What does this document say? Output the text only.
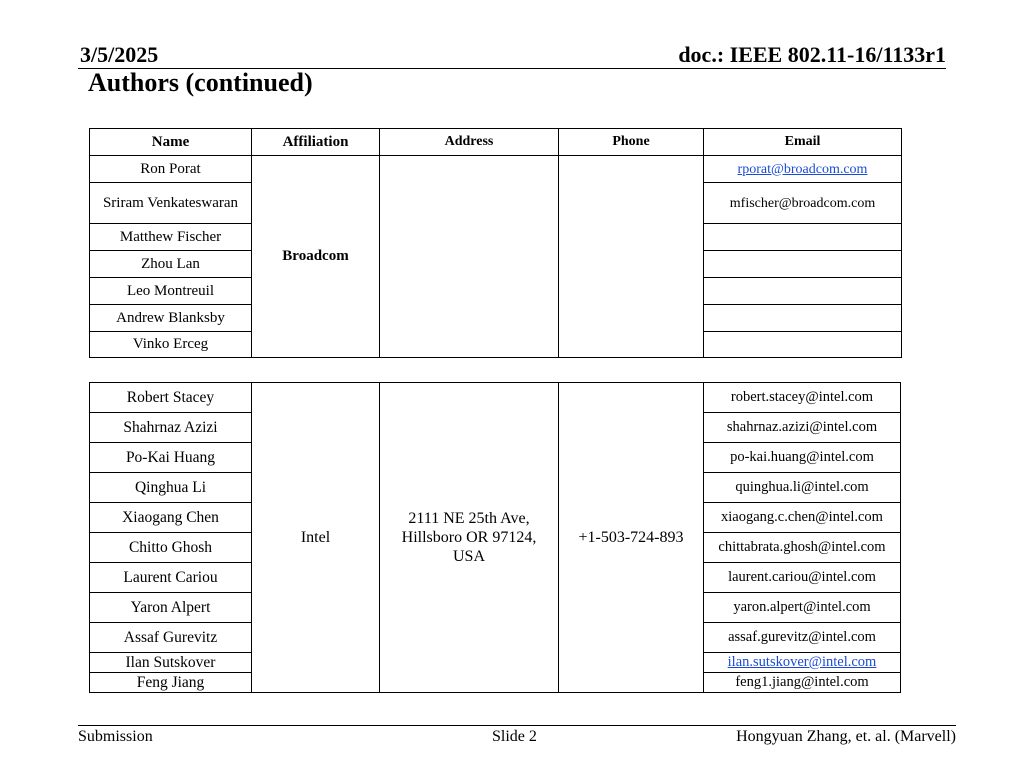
3/5/2025	doc.: IEEE 802.11-16/1133r1
Authors (continued)
Name	Affiliation	Address	Phone	Email
Ron Porat	Broadcom			rporat@broadcom.com
Sriram Venkateswaran				mfischer@broadcom.com
Matthew Fischer				
Zhou Lan				
Leo Montreuil				
Andrew Blanksby				
Vinko Erceg				
Robert Stacey	Intel	2111 NE 25th Ave, Hillsboro OR 97124, USA	+1-503-724-893	robert.stacey@intel.com
Shahrnaz Azizi				shahrnaz.azizi@intel.com
Po-Kai Huang				po-kai.huang@intel.com
Qinghua Li				quinghua.li@intel.com
Xiaogang Chen				xiaogang.c.chen@intel.com
Chitto Ghosh				chittabrata.ghosh@intel.com
Laurent Cariou				laurent.cariou@intel.com
Yaron Alpert				yaron.alpert@intel.com
Assaf Gurevitz				assaf.gurevitz@intel.com
Ilan Sutskover				ilan.sutskover@intel.com
Feng Jiang				feng1.jiang@intel.com
Submission	Slide 2	Hongyuan Zhang, et. al. (Marvell)
